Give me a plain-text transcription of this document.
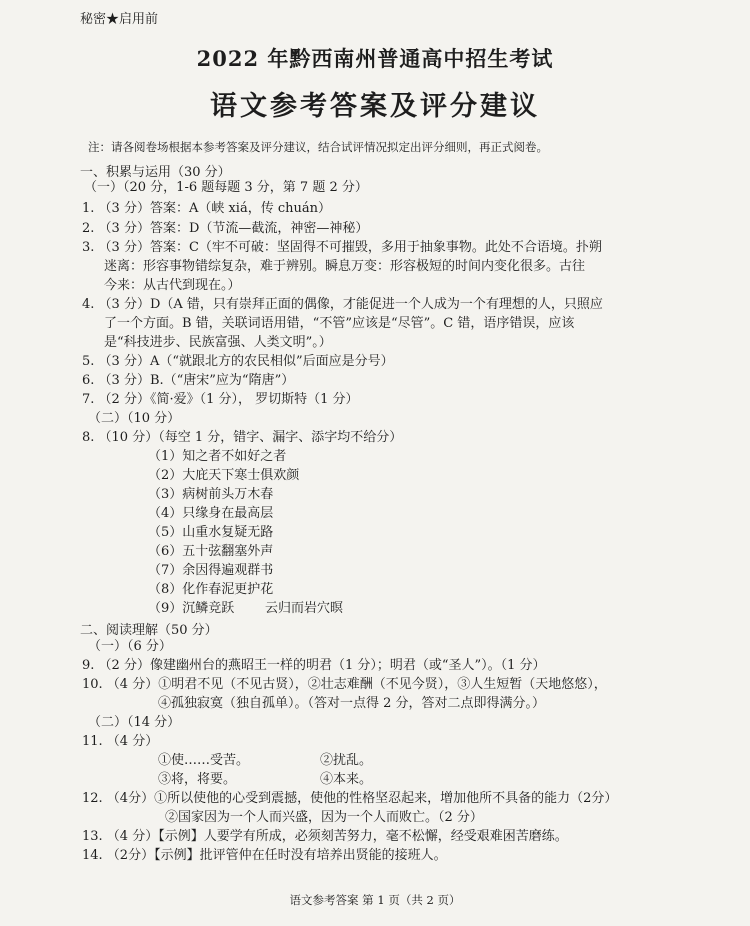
秘密★启用前
2022 年黔西南州普通高中招生考试
语文参考答案及评分建议
注：请各阅卷场根据本参考答案及评分建议，结合试评情况拟定出评分细则，再正式阅卷。
一、积累与运用（30 分）
（一）（20 分，1-6 题每题 3 分，第 7 题 2 分）
1. （3 分）答案：A（峡 xiá，传 chuán）
2. （3 分）答案：D（节流—截流，神密—神秘）
3. （3 分）答案：C（牢不可破：坚固得不可摧毁，多用于抽象事物。此处不合语境。扑朔
迷离：形容事物错综复杂，难于辨别。瞬息万变：形容极短的时间内变化很多。古往
今来：从古代到现在。）
4. （3 分）D（A 错，只有崇拜正面的偶像，才能促进一个人成为一个有理想的人，只照应
了一个方面。B 错，关联词语用错，“不管”应该是“尽管”。C 错，语序错误，应该
是“科技进步、民族富强、人类文明”。）
5. （3 分）A（“就跟北方的农民相似”后面应是分号）
6. （3 分）B.（“唐宋”应为“隋唐”）
7. （2 分）《简·爱》（1 分）， 罗切斯特（1 分）
（二）（10 分）
8. （10 分）（每空 1 分，错字、漏字、添字均不给分）
（1）知之者不如好之者
（2）大庇天下寒士俱欢颜
（3）病树前头万木春
（4）只缘身在最高层
（5）山重水复疑无路
（6）五十弦翻塞外声
（7）余因得遍观群书
（8）化作春泥更护花
（9）沉鳞竞跃 云归而岩穴暝
二、阅读理解（50 分）
（一）（6 分）
9. （2 分）像建幽州台的燕昭王一样的明君（1 分）；明君（或“圣人”）。（1 分）
10. （4 分）①明君不见（不见古贤），②壮志难酬（不见今贤），③人生短暂（天地悠悠），
④孤独寂寞（独自孤单）。（答对一点得 2 分，答对二点即得满分。）
（二）（14 分）
11. （4 分）
①使……受苦。	②扰乱。
③将，将要。	④本来。
12. （4分）①所以使他的心受到震撼，使他的性格坚忍起来，增加他所不具备的能力（2分）
②国家因为一个人而兴盛，因为一个人而败亡。（2 分）
13. （4 分）【示例】人要学有所成，必须刻苦努力，毫不松懈，经受艰难困苦磨练。
14. （2分）【示例】批评管仲在任时没有培养出贤能的接班人。
语文参考答案 第 1 页（共 2 页）
